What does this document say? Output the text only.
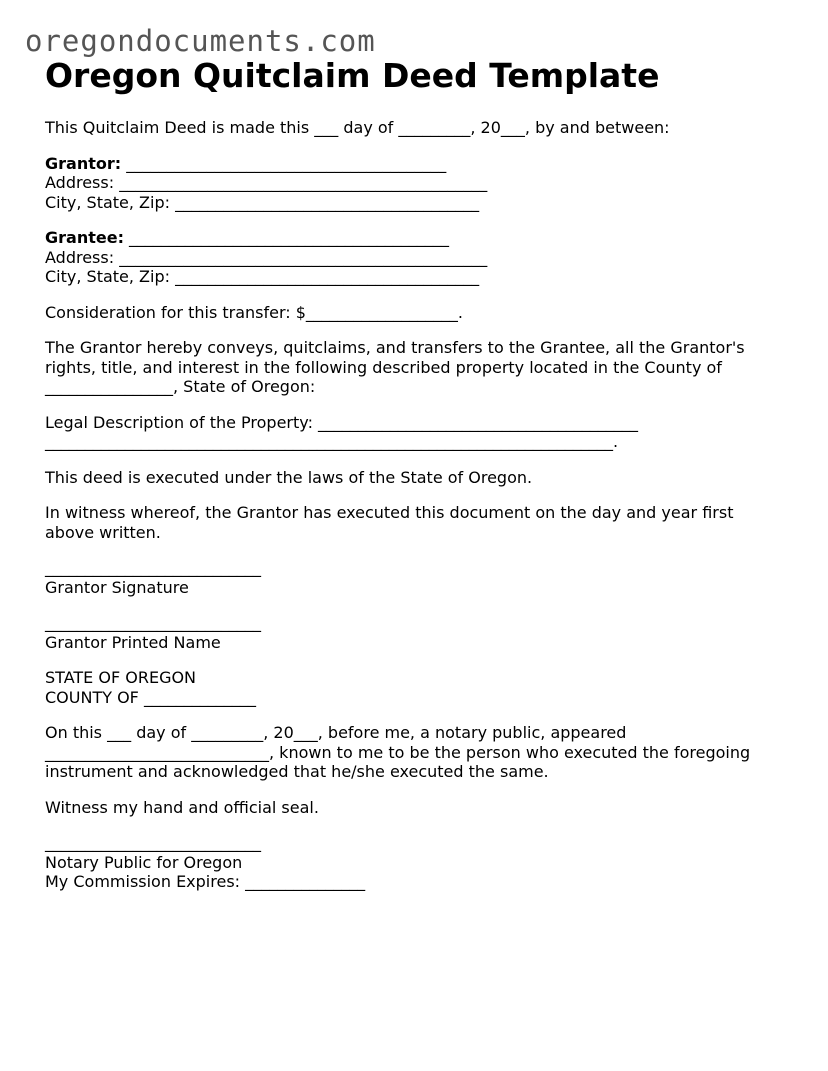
oregondocuments.com
Oregon Quitclaim Deed Template

This Quitclaim Deed is made this ___ day of _________, 20___, by and between:

Grantor: ________________________________________
Address: ______________________________________________
City, State, Zip: ______________________________________

Grantee: ________________________________________
Address: ______________________________________________
City, State, Zip: ______________________________________

Consideration for this transfer: $___________________.

The Grantor hereby conveys, quitclaims, and transfers to the Grantee, all the Grantor's
rights, title, and interest in the following described property located in the County of
________________, State of Oregon:

Legal Description of the Property: ________________________________________
_______________________________________________________________________.

This deed is executed under the laws of the State of Oregon.

In witness whereof, the Grantor has executed this document on the day and year first
above written.

___________________________
Grantor Signature

___________________________
Grantor Printed Name

STATE OF OREGON
COUNTY OF ______________

On this ___ day of _________, 20___, before me, a notary public, appeared
____________________________, known to me to be the person who executed the foregoing
instrument and acknowledged that he/she executed the same.

Witness my hand and official seal.

___________________________
Notary Public for Oregon
My Commission Expires: _______________
